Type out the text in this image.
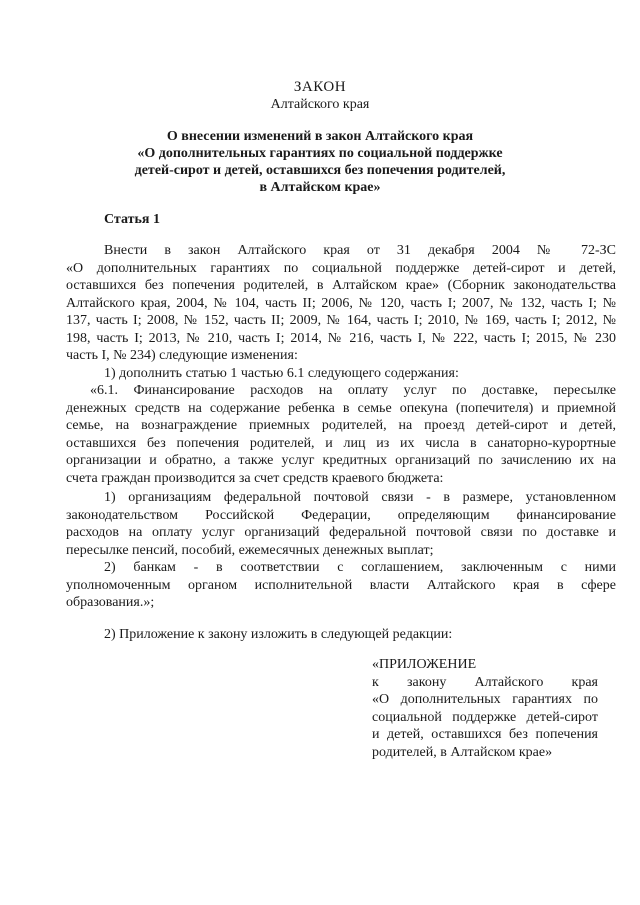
ЗАКОН
Алтайского края
О внесении изменений в закон Алтайского края
«О дополнительных гарантиях по социальной поддержке
детей-сирот и детей, оставшихся без попечения родителей,
в Алтайском крае»
Статья 1
Внести в закон Алтайского края от 31 декабря 2004 № 72-ЗС
«О дополнительных гарантиях по социальной поддержке детей-сирот и детей,
оставшихся без попечения родителей, в Алтайском крае» (Сборник законодательства
Алтайского края, 2004, № 104, часть II; 2006, № 120, часть I; 2007, № 132, часть I; №
137, часть I; 2008, № 152, часть II; 2009, № 164, часть I; 2010, № 169, часть I; 2012, №
198, часть I; 2013, № 210, часть I; 2014, № 216, часть I, № 222, часть I; 2015, № 230
часть I, № 234) следующие изменения:
1) дополнить статью 1 частью 6.1 следующего содержания:
«6.1. Финансирование расходов на оплату услуг по доставке, пересылке
денежных средств на содержание ребенка в семье опекуна (попечителя) и приемной
семье, на вознаграждение приемных родителей, на проезд детей-сирот и детей,
оставшихся без попечения родителей, и лиц из их числа в санаторно-курортные
организации и обратно, а также услуг кредитных организаций по зачислению их на
счета граждан производится за счет средств краевого бюджета:
1) организациям федеральной почтовой связи - в размере, установленном
законодательством Российской Федерации, определяющим финансирование
расходов на оплату услуг организаций федеральной почтовой связи по доставке и
пересылке пенсий, пособий, ежемесячных денежных выплат;
2) банкам - в соответствии с соглашением, заключенным с ними
уполномоченным органом исполнительной власти Алтайского края в сфере
образования.»;
2) Приложение к закону изложить в следующей редакции:
«ПРИЛОЖЕНИЕ
к закону Алтайского края
«О дополнительных гарантиях по
социальной поддержке детей-сирот
и детей, оставшихся без попечения
родителей, в Алтайском крае»
